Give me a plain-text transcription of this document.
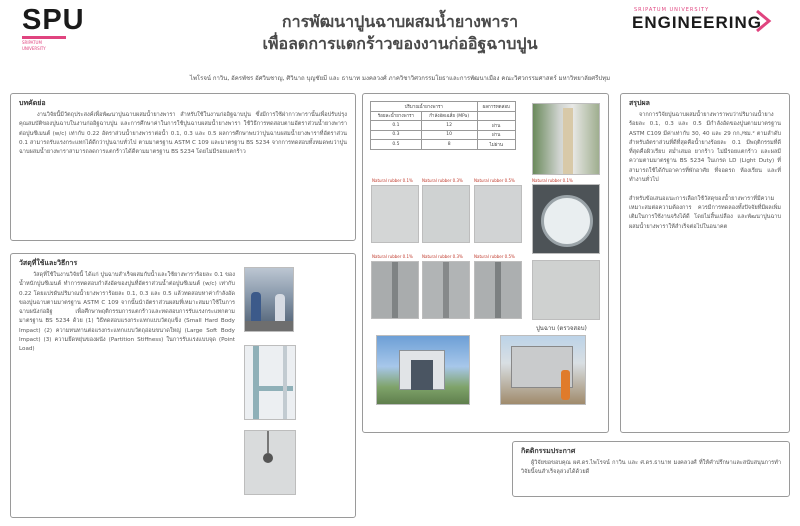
SPU
SRIPATUM
UNIVERSITY
การพัฒนาปูนฉาบผสมน้ำยางพารา
เพื่อลดการแตกร้าวของงานก่ออิฐฉาบปูน
SRIPATUM UNIVERSITY
ENGINEERING
ไพโรจน์ กาวิน, อัครพัชร อัศวินชาญ, ศิวินาถ บุญชัยมี และ ธานาท มงคลวงศ์ ภาควิชาวิศวกรรมโยธาและการพัฒนาเมือง คณะวิศวกรรมศาสตร์ มหาวิทยาลัยศรีปทุม
บทคัดย่อ
งานวิจัยนี้มีวัตถุประสงค์เพื่อพัฒนาปูนฉาบผสมน้ำยางพารา สำหรับใช้ในงานก่ออิฐฉาบปูน ซึ่งมีการใช้ฝากาวพารานั้นเพื่อปรับปรุงคุณสมบัติของปูนฉาบในงานก่ออิฐฉาบปูน และการศึกษาค่าในการใช้ปูนฉาบผสมน้ำยางพารา ใช้วิธีการทดสอบตามอัตราส่วนน้ำยางพาราต่อปูนซีเมนต์ (w/c) เท่ากับ 0.22 อัตราส่วนน้ำยางพาราต่อน้ำ 0.1, 0.3 และ 0.5 ผลการศึกษาพบว่าปูนฉาบผสมน้ำยางพาราที่อัตราส่วน 0.1 สามารถรับแรงกระแทกได้ดีกว่าปูนฉาบทั่วไป ตามมาตรฐาน ASTM C 109 และมาตรฐาน BS 5234 จากการทดสอบทั้งหมดพบว่าปูนฉาบผสมน้ำยางพาราสามารถลดการแตกร้าวได้ดีตามมาตรฐาน BS 5234 โดยไม่มีรอยแตกร้าว
วัสดุที่ใช้และวิธีการ
วัสดุที่ใช้ในงานวิจัยนี้ ได้แก่ ปูนฉาบสำเร็จผสมกับน้ำและใช้ยางพาราร้อยละ 0.1 ของน้ำหนักปูนซีเมนต์ ทำการทดสอบกำลังอัดของปูนที่อัตราส่วนน้ำต่อปูนซีเมนต์ (w/c) เท่ากับ 0.22 โดยแปรผันปริมาณน้ำยางพาราร้อยละ 0.1, 0.3 และ 0.5 แล้วทดสอบหาค่ากำลังอัดของปูนฉาบตามมาตรฐาน ASTM C 109 จากนั้นนำอัตราส่วนผสมที่เหมาะสมมาใช้ในการฉาบผนังก่ออิฐ เพื่อศึกษาพฤติกรรมการแตกร้าวและทดสอบการรับแรงกระแทกตามมาตรฐาน BS 5234 ด้วย (1) วิธีทดสอบแรงกระแทกแบบวัตถุแข็ง (Small Hard Body Impact) (2) ความทนทานต่อแรงกระแทกแบบวัตถุอ่อนขนาดใหญ่ (Large Soft Body Impact) (3) ความยึดหยุ่นของผนัง (Partition Stiffness) ในการรับแรงแบบจุด (Point Load)
ปริมาณน้ำยางพารา		ผลการทดสอบ
ร้อยละน้ำยางพารา	กำลังอัดเฉลี่ย (MPa)	
0.1	12	ผ่าน
0.3	10	ผ่าน
0.5	8	ไม่ผ่าน
Natural rubber 0.1%
Natural rubber 0.1% Natural rubber 0.3%	Natural rubber 0.5%
Natural rubber 0.1% Natural rubber 0.3%	Natural rubber 0.5%
ปูนฉาบ (ตรวจสอบ)
สรุปผล
จากการวิจัยปูนฉาบผสมน้ำยางพาราพบว่าปริมาณน้ำยางร้อยละ 0.1, 0.3 และ 0.5 มีกำลังอัดของปูนตามมาตรฐาน ASTM C109 มีค่าเท่ากับ 30, 40 และ 29 กก./ซม.² ตามลำดับ สำหรับอัตราส่วนที่ดีที่สุดคือน้ำยางร้อยละ 0.1 มีพฤติกรรมที่ดีที่สุดคือผิวเรียบ สม่ำเสมอ ยากร้าว ไม่มีรอยแตกร้าว และผลมีความตามมาตรฐาน BS 5234 ในเกรด LD (Light Duty) ที่สามารถใช้ได้กับอาคารที่พักอาศัย ที่จอดรถ ห้องเรียน และที่ทำงานทั่วไป

สำหรับข้อเสนอแนะการเลือกใช้วัสดุของน้ำยางพาราที่มีความเหมาะสมต่อความต้องการ ควรมีการทดลองทั้งปัจจัยที่มีผลเพิ่มเติมในการใช้งานจริงได้ดี โดยไม่สิ้นเปลือง และพัฒนาปูนฉาบผสมน้ำยางพาราให้สำเร็จต่อไปในอนาคต
กิตติกรรมประกาศ
ผู้วิจัยขอขอบคุณ ผศ.ดร.ไพโรจน์ กาวิน และ ศ.ดร.ธานาท มงคลวงศ์ ที่ให้คำปรึกษาและสนับสนุนการทำวิจัยนี้จนสำเร็จลุล่วงได้ด้วยดี
